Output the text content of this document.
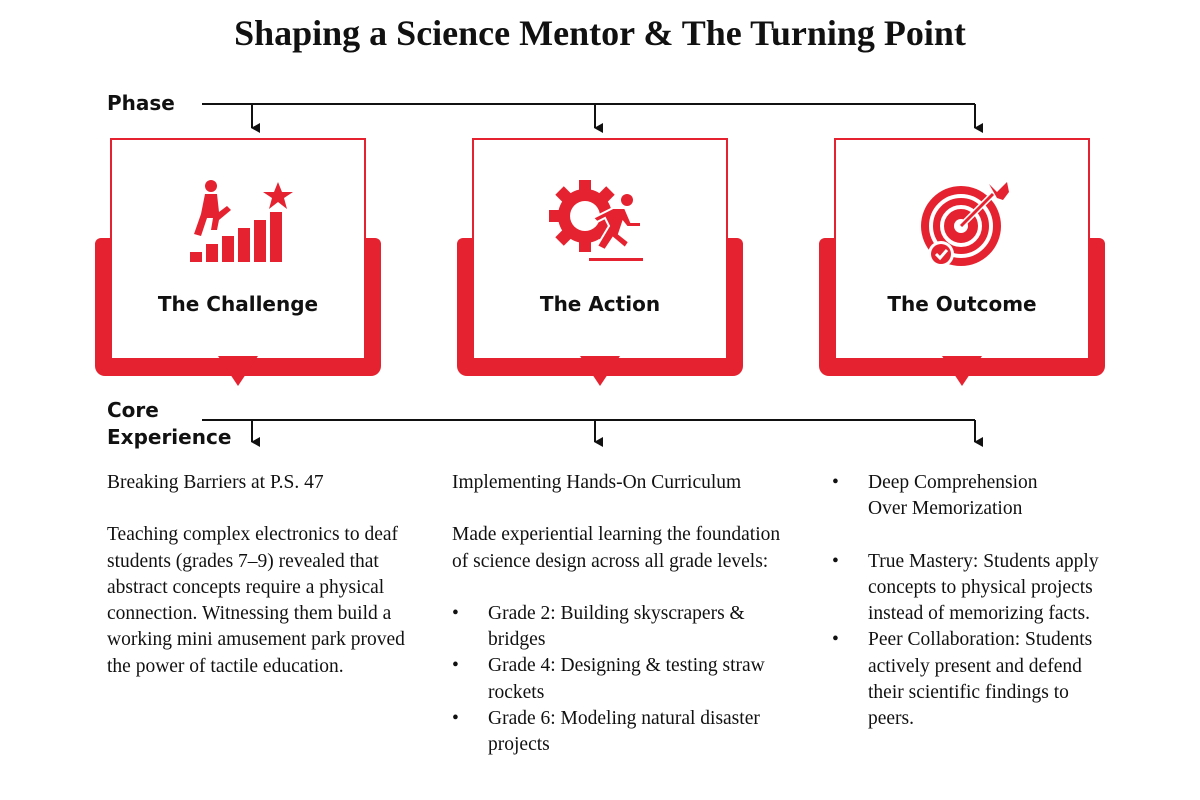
Shaping a Science Mentor & The Turning Point
Phase
Core
Experience
The Challenge	The Action	The Outcome

Breaking Barriers at P.S. 47

Teaching complex electronics to deaf students (grades 7–9) revealed that abstract concepts require a physical connection. Witnessing them build a working mini amusement park proved the power of tactile education.

Implementing Hands-On Curriculum

Made experiential learning the foundation of science design across all grade levels:

• Grade 2: Building skyscrapers & bridges
• Grade 4: Designing & testing straw rockets
• Grade 6: Modeling natural disaster projects
• Deep Comprehension Over Memorization
• True Mastery: Students apply concepts to physical projects instead of memorizing facts.
• Peer Collaboration: Students actively present and defend their scientific findings to peers.
